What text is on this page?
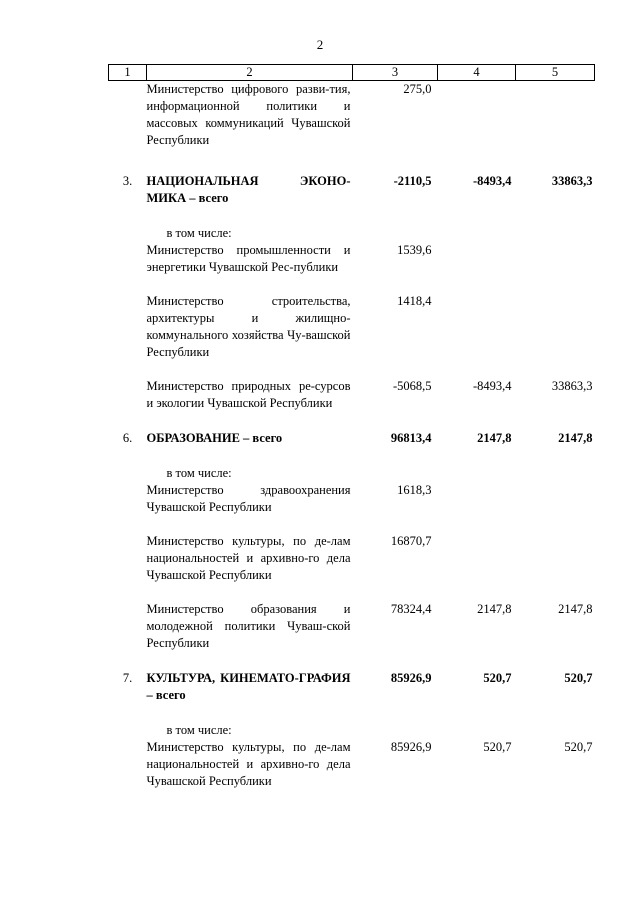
2
1	2	3	4	5
	Министерство цифрового разви-тия, информационной политики и массовых коммуникаций Чувашской Республики	275,0		
3.	НАЦИОНАЛЬНАЯ ЭКОНО-МИКА – всего	-2110,5	-8493,4	33863,3

	в том числе:			

	Министерство промышленности и энергетики Чувашской Рес-публики	1539,6		
	Министерство строительства, архитектуры и жилищно-коммунального хозяйства Чу-вашской Республики	1418,4		
	Министерство природных ре-сурсов и экологии Чувашской Республики	-5068,5	-8493,4	33863,3
6.	ОБРАЗОВАНИЕ – всего	96813,4	2147,8	2147,8

	в том числе:			

	Министерство здравоохранения Чувашской Республики	1618,3		
	Министерство культуры, по де-лам национальностей и архивно-го дела Чувашской Республики	16870,7		
	Министерство образования и молодежной политики Чуваш-ской Республики	78324,4	2147,8	2147,8
7.	КУЛЬТУРА, КИНЕМАТО-ГРАФИЯ – всего	85926,9	520,7	520,7

	в том числе:			

	Министерство культуры, по де-лам национальностей и архивно-го дела Чувашской Республики	85926,9	520,7	520,7
